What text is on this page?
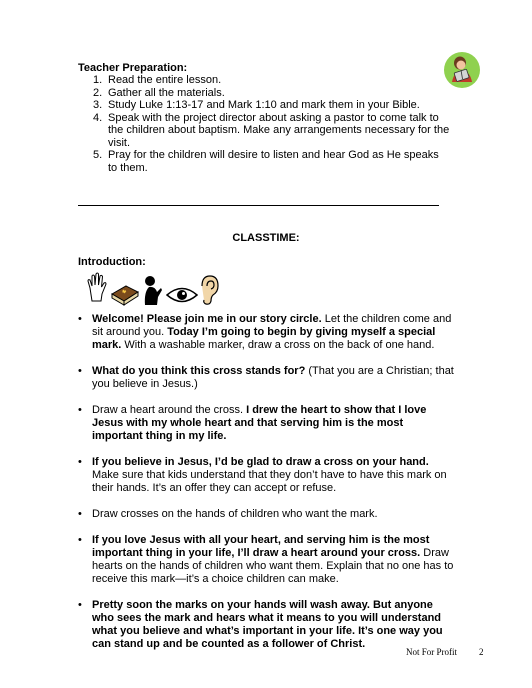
Teacher Preparation:

1. Read the entire lesson.
2. Gather all the materials.
3. Study Luke 1:13-17 and Mark 1:10 and mark them in your Bible.
4. Speak with the project director about asking a pastor to come talk to the children about baptism. Make any arrangements necessary for the visit.
5. Pray for the children will desire to listen and hear God as He speaks to them.
CLASSTIME:
Introduction:
• Welcome! Please join me in our story circle. Let the children come and sit around you. Today I’m going to begin by giving myself a special mark. With a washable marker, draw a cross on the back of one hand.
• What do you think this cross stands for? (That you are a Christian; that you believe in Jesus.)
• Draw a heart around the cross. I drew the heart to show that I love Jesus with my whole heart and that serving him is the most important thing in my life.
• If you believe in Jesus, I’d be glad to draw a cross on your hand. Make sure that kids understand that they don’t have to have this mark on their hands. It’s an offer they can accept or refuse.
• Draw crosses on the hands of children who want the mark.
• If you love Jesus with all your heart, and serving him is the most important thing in your life, I’ll draw a heart around your cross. Draw hearts on the hands of children who want them. Explain that no one has to receive this mark—it’s a choice children can make.
• Pretty soon the marks on your hands will wash away. But anyone who sees the mark and hears what it means to you will understand what you believe and what’s important in your life. It’s one way you can stand up and be counted as a follower of Christ.
Not For Profit 2
